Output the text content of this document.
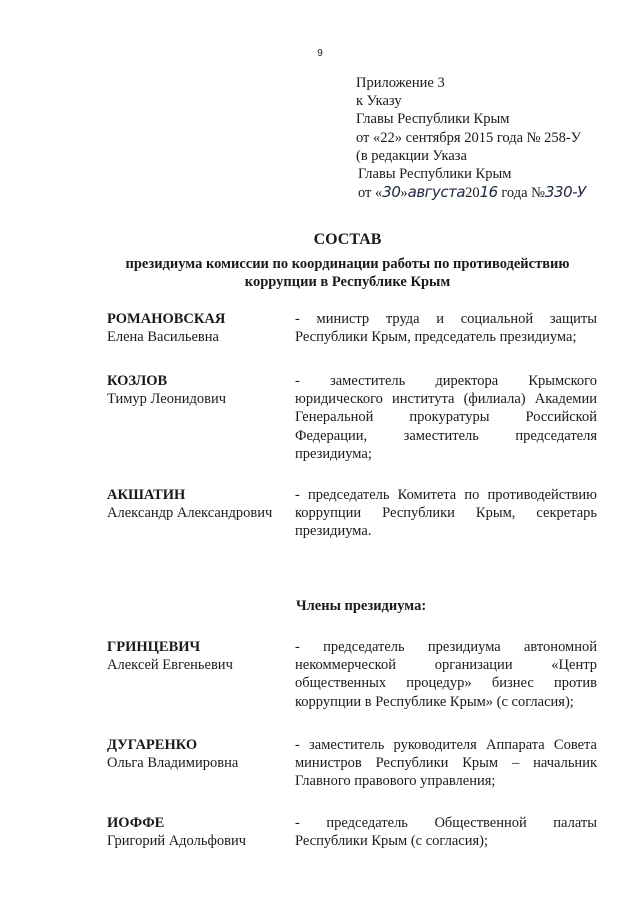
9
Приложение 3
к Указу
Главы Республики Крым
от «22» сентября 2015 года № 258-У
(в редакции Указа
Главы Республики Крым
от «30»августа2016 года №330-У
СОСТАВ
президиума комиссии по координации работы по противодействию
коррупции в Республике Крым
РОМАНОВСКАЯ
Елена Васильевна
- министр труда и социальной защиты Республики Крым, председатель президиума;
КОЗЛОВ
Тимур Леонидович
- заместитель директора Крымского юридического института (филиала) Академии Генеральной прокуратуры Российской Федерации, заместитель председателя президиума;
АКШАТИН
Александр Александрович
- председатель Комитета по противодействию коррупции Республики Крым, секретарь президиума.
Члены президиума:
ГРИНЦЕВИЧ
Алексей Евгеньевич
- председатель президиума автономной некоммерческой организации «Центр общественных процедур» бизнес против коррупции в Республике Крым» (с согласия);
ДУГАРЕНКО
Ольга Владимировна
- заместитель руководителя Аппарата Совета министров Республики Крым – начальник Главного правового управления;
ИОФФЕ
Григорий Адольфович
- председатель Общественной палаты Республики Крым (с согласия);
